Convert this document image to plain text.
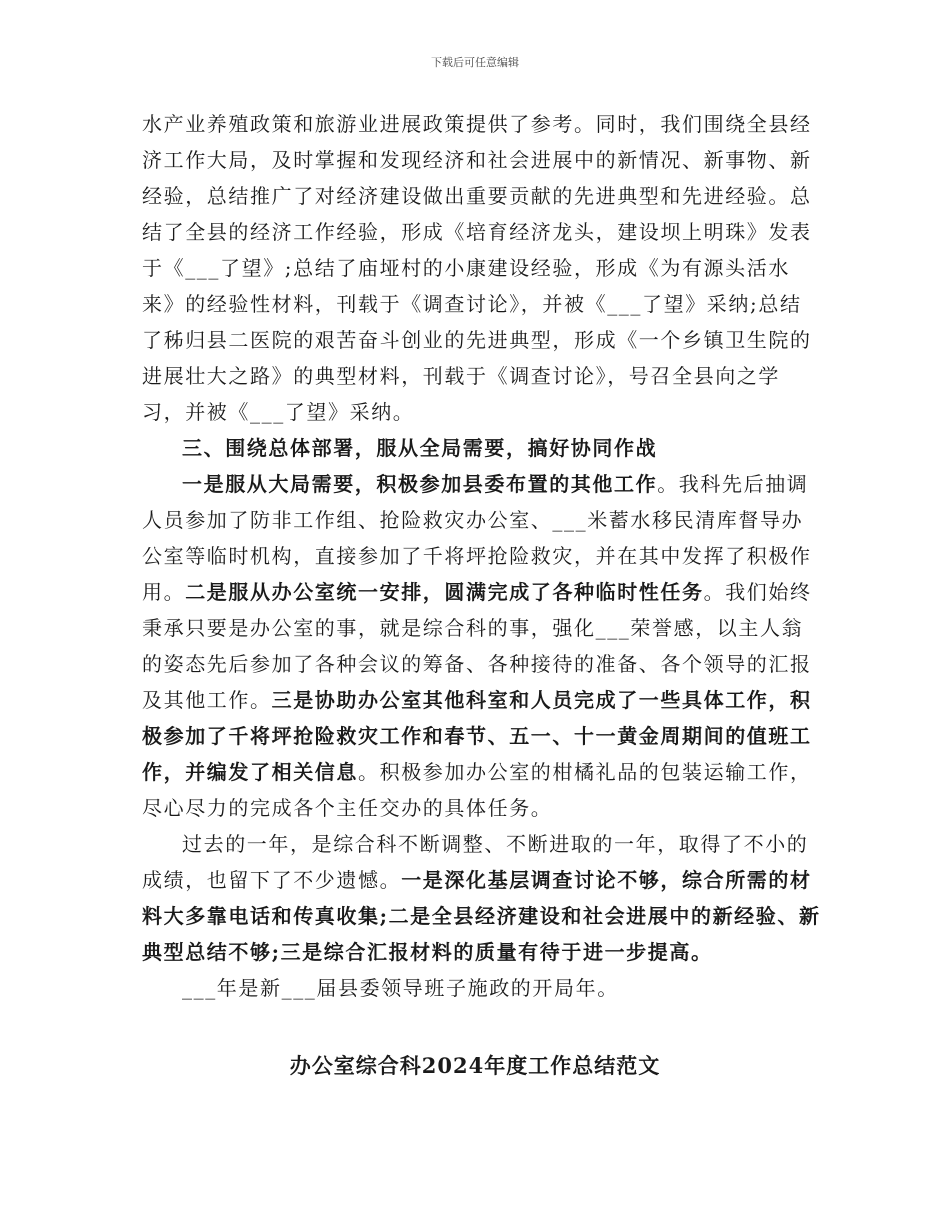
下载后可任意编辑

水产业养殖政策和旅游业进展政策提供了参考。同时，我们围绕全县经济工作大局，及时掌握和发现经济和社会进展中的新情况、新事物、新经验，总结推广了对经济建设做出重要贡献的先进典型和先进经验。总结了全县的经济工作经验，形成《培育经济龙头，建设坝上明珠》发表于《___了望》;总结了庙垭村的小康建设经验，形成《为有源头活水来》的经验性材料，刊载于《调查讨论》，并被《___了望》采纳;总结了秭归县二医院的艰苦奋斗创业的先进典型，形成《一个乡镇卫生院的进展壮大之路》的典型材料，刊载于《调查讨论》，号召全县向之学习，并被《___了望》采纳。

三、围绕总体部署，服从全局需要，搞好协同作战

一是服从大局需要，积极参加县委布置的其他工作。我科先后抽调人员参加了防非工作组、抢险救灾办公室、___米蓄水移民清库督导办公室等临时机构，直接参加了千将坪抢险救灾，并在其中发挥了积极作用。二是服从办公室统一安排，圆满完成了各种临时性任务。我们始终秉承只要是办公室的事，就是综合科的事，强化___荣誉感，以主人翁的姿态先后参加了各种会议的筹备、各种接待的准备、各个领导的汇报及其他工作。三是协助办公室其他科室和人员完成了一些具体工作，积极参加了千将坪抢险救灾工作和春节、五一、十一黄金周期间的值班工作，并编发了相关信息。积极参加办公室的柑橘礼品的包装运输工作，尽心尽力的完成各个主任交办的具体任务。

过去的一年，是综合科不断调整、不断进取的一年，取得了不小的成绩，也留下了不少遗憾。一是深化基层调查讨论不够，综合所需的材料大多靠电话和传真收集;二是全县经济建设和社会进展中的新经验、新典型总结不够;三是综合汇报材料的质量有待于进一步提高。

___年是新___届县委领导班子施政的开局年。

办公室综合科2024年度工作总结范文
